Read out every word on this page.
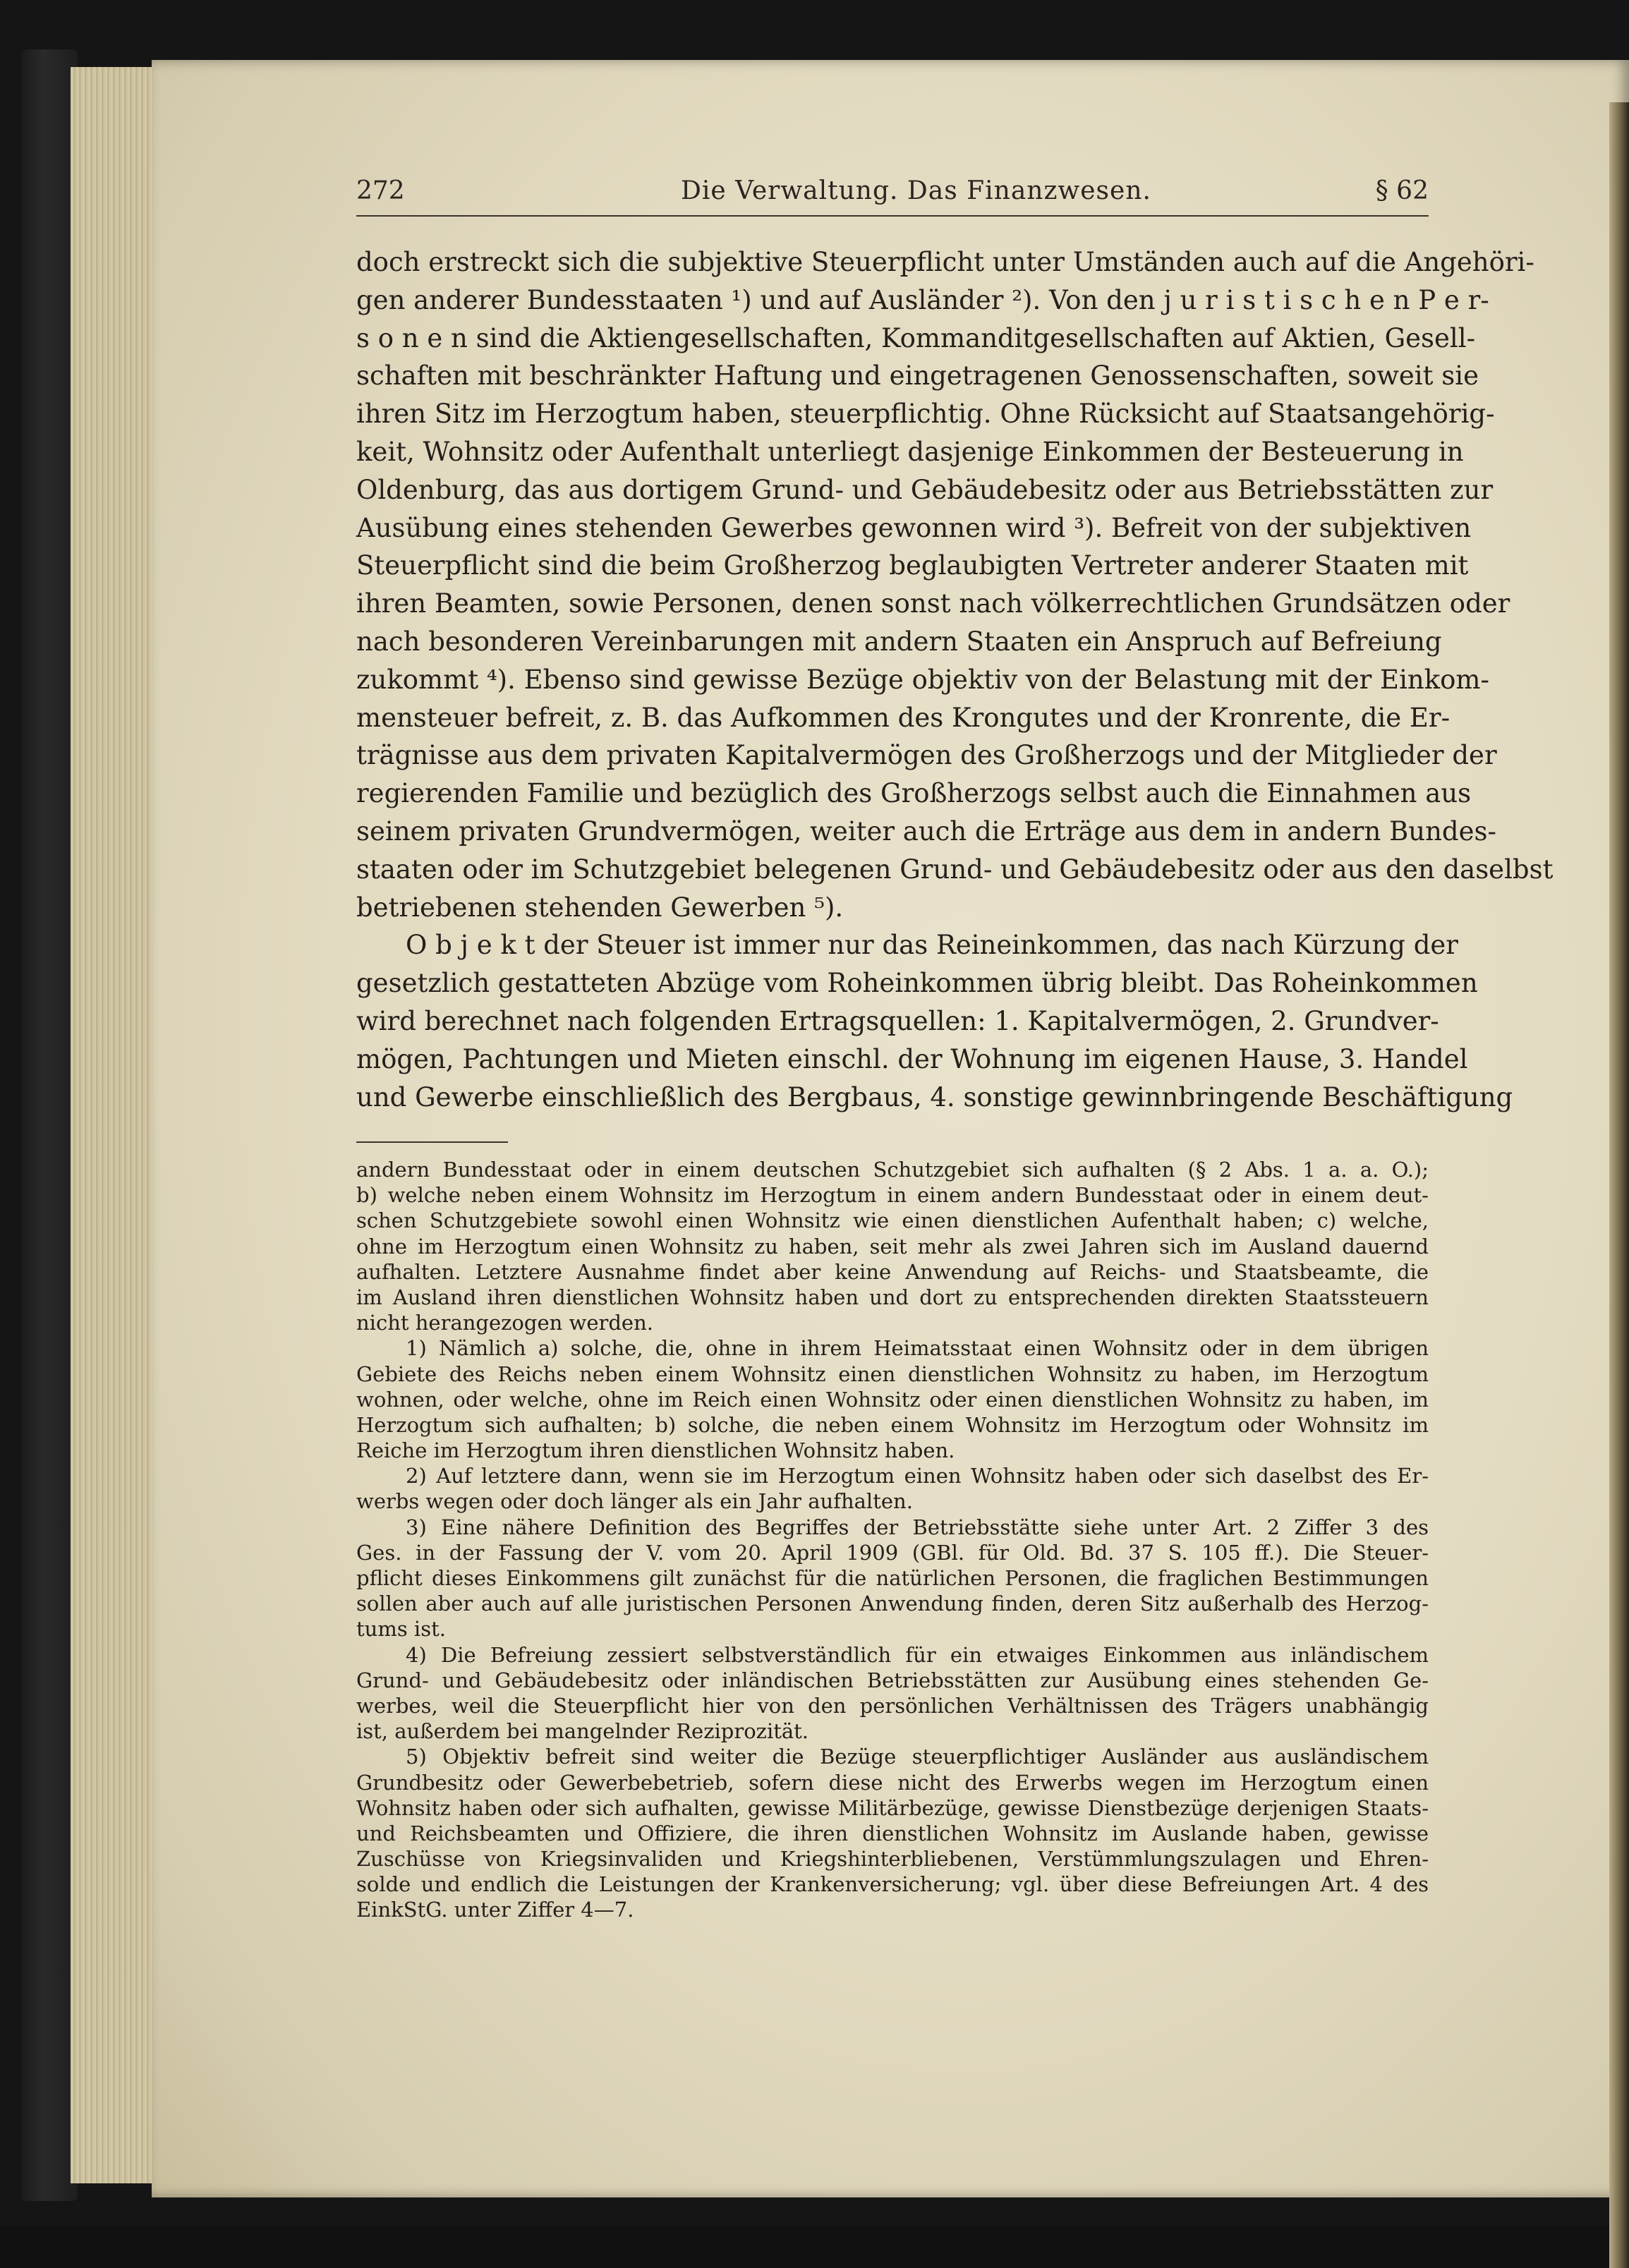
272	Die Verwaltung. Das Finanzwesen.	§ 62
doch erstreckt sich die subjektive Steuerpflicht unter Umständen auch auf die Angehöri-
gen anderer Bundesstaaten ¹) und auf Ausländer ²). Von den j u r i s t i s c h e n P e r-
s o n e n sind die Aktiengesellschaften, Kommanditgesellschaften auf Aktien, Gesell-
schaften mit beschränkter Haftung und eingetragenen Genossenschaften, soweit sie
ihren Sitz im Herzogtum haben, steuerpflichtig. Ohne Rücksicht auf Staatsangehörig-
keit, Wohnsitz oder Aufenthalt unterliegt dasjenige Einkommen der Besteuerung in
Oldenburg, das aus dortigem Grund- und Gebäudebesitz oder aus Betriebsstätten zur
Ausübung eines stehenden Gewerbes gewonnen wird ³). Befreit von der subjektiven
Steuerpflicht sind die beim Großherzog beglaubigten Vertreter anderer Staaten mit
ihren Beamten, sowie Personen, denen sonst nach völkerrechtlichen Grundsätzen oder
nach besonderen Vereinbarungen mit andern Staaten ein Anspruch auf Befreiung
zukommt ⁴). Ebenso sind gewisse Bezüge objektiv von der Belastung mit der Einkom-
mensteuer befreit, z. B. das Aufkommen des Krongutes und der Kronrente, die Er-
trägnisse aus dem privaten Kapitalvermögen des Großherzogs und der Mitglieder der
regierenden Familie und bezüglich des Großherzogs selbst auch die Einnahmen aus
seinem privaten Grundvermögen, weiter auch die Erträge aus dem in andern Bundes-
staaten oder im Schutzgebiet belegenen Grund- und Gebäudebesitz oder aus den daselbst
betriebenen stehenden Gewerben ⁵).
O b j e k t der Steuer ist immer nur das Reineinkommen, das nach Kürzung der
gesetzlich gestatteten Abzüge vom Roheinkommen übrig bleibt. Das Roheinkommen
wird berechnet nach folgenden Ertragsquellen: 1. Kapitalvermögen, 2. Grundver-
mögen, Pachtungen und Mieten einschl. der Wohnung im eigenen Hause, 3. Handel
und Gewerbe einschließlich des Bergbaus, 4. sonstige gewinnbringende Beschäftigung
andern Bundesstaat oder in einem deutschen Schutzgebiet sich aufhalten (§ 2 Abs. 1 a. a. O.);
b) welche neben einem Wohnsitz im Herzogtum in einem andern Bundesstaat oder in einem deut-
schen Schutzgebiete sowohl einen Wohnsitz wie einen dienstlichen Aufenthalt haben; c) welche,
ohne im Herzogtum einen Wohnsitz zu haben, seit mehr als zwei Jahren sich im Ausland dauernd
aufhalten. Letztere Ausnahme findet aber keine Anwendung auf Reichs- und Staatsbeamte, die
im Ausland ihren dienstlichen Wohnsitz haben und dort zu entsprechenden direkten Staatssteuern
nicht herangezogen werden.
1) Nämlich a) solche, die, ohne in ihrem Heimatsstaat einen Wohnsitz oder in dem übrigen
Gebiete des Reichs neben einem Wohnsitz einen dienstlichen Wohnsitz zu haben, im Herzogtum
wohnen, oder welche, ohne im Reich einen Wohnsitz oder einen dienstlichen Wohnsitz zu haben, im
Herzogtum sich aufhalten; b) solche, die neben einem Wohnsitz im Herzogtum oder Wohnsitz im
Reiche im Herzogtum ihren dienstlichen Wohnsitz haben.
2) Auf letztere dann, wenn sie im Herzogtum einen Wohnsitz haben oder sich daselbst des Er-
werbs wegen oder doch länger als ein Jahr aufhalten.
3) Eine nähere Definition des Begriffes der Betriebsstätte siehe unter Art. 2 Ziffer 3 des
Ges. in der Fassung der V. vom 20. April 1909 (GBl. für Old. Bd. 37 S. 105 ff.). Die Steuer-
pflicht dieses Einkommens gilt zunächst für die natürlichen Personen, die fraglichen Bestimmungen
sollen aber auch auf alle juristischen Personen Anwendung finden, deren Sitz außerhalb des Herzog-
tums ist.
4) Die Befreiung zessiert selbstverständlich für ein etwaiges Einkommen aus inländischem
Grund- und Gebäudebesitz oder inländischen Betriebsstätten zur Ausübung eines stehenden Ge-
werbes, weil die Steuerpflicht hier von den persönlichen Verhältnissen des Trägers unabhängig
ist, außerdem bei mangelnder Reziprozität.
5) Objektiv befreit sind weiter die Bezüge steuerpflichtiger Ausländer aus ausländischem
Grundbesitz oder Gewerbebetrieb, sofern diese nicht des Erwerbs wegen im Herzogtum einen
Wohnsitz haben oder sich aufhalten, gewisse Militärbezüge, gewisse Dienstbezüge derjenigen Staats-
und Reichsbeamten und Offiziere, die ihren dienstlichen Wohnsitz im Auslande haben, gewisse
Zuschüsse von Kriegsinvaliden und Kriegshinterbliebenen, Verstümmlungszulagen und Ehren-
solde und endlich die Leistungen der Krankenversicherung; vgl. über diese Befreiungen Art. 4 des
EinkStG. unter Ziffer 4—7.
